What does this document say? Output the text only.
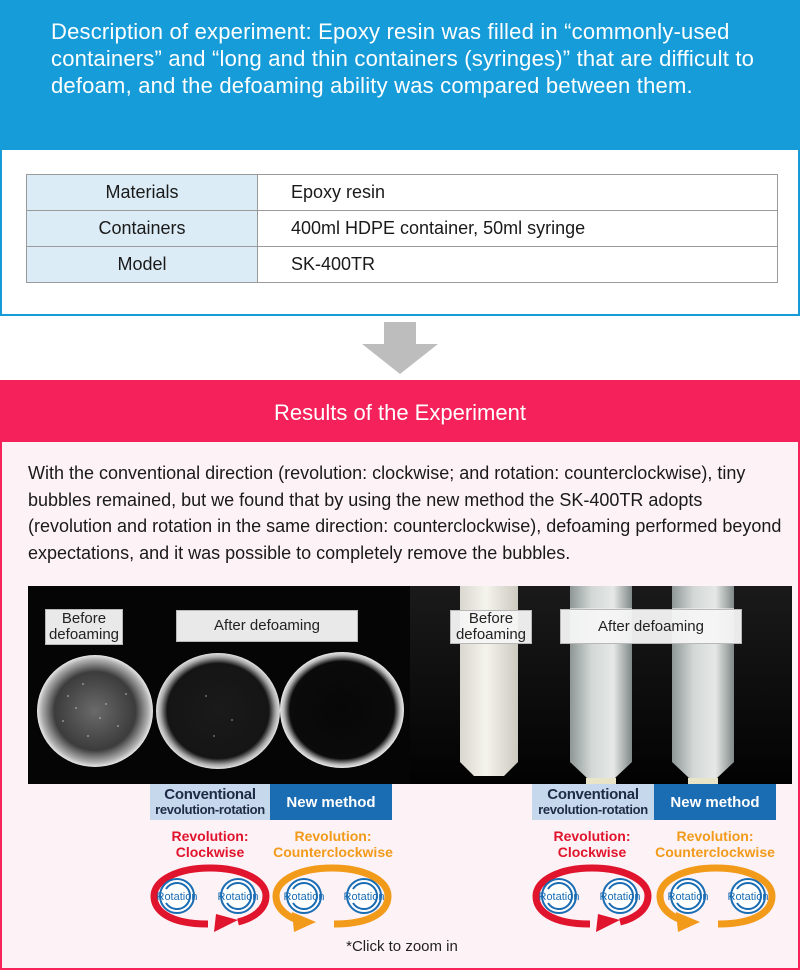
Description of experiment: Epoxy resin was filled in “commonly-used containers” and “long and thin containers (syringes)” that are difficult to defoam, and the defoaming ability was compared between them.

Materials	Epoxy resin
Containers	400ml HDPE container, 50ml syringe
Model	SK-400TR
Results of the Experiment

With the conventional direction (revolution: clockwise; and rotation: counterclockwise), tiny bubbles remained, but we found that by using the new method the SK-400TR adopts (revolution and rotation in the same direction: counterclockwise), defoaming performed beyond expectations, and it was possible to completely remove the bubbles.

Before defoaming
After defoaming	Before defoaming	After defoaming
Conventional
revolution-rotation	New method	Conventional
revolution-rotation	New method
Revolution: Clockwise
Revolution: Counterclockwise
Revolution: Clockwise
Revolution: Counterclockwise
Rotation Rotation Rotation Rotation	Rotation Rotation Rotation Rotation

*Click to zoom in
